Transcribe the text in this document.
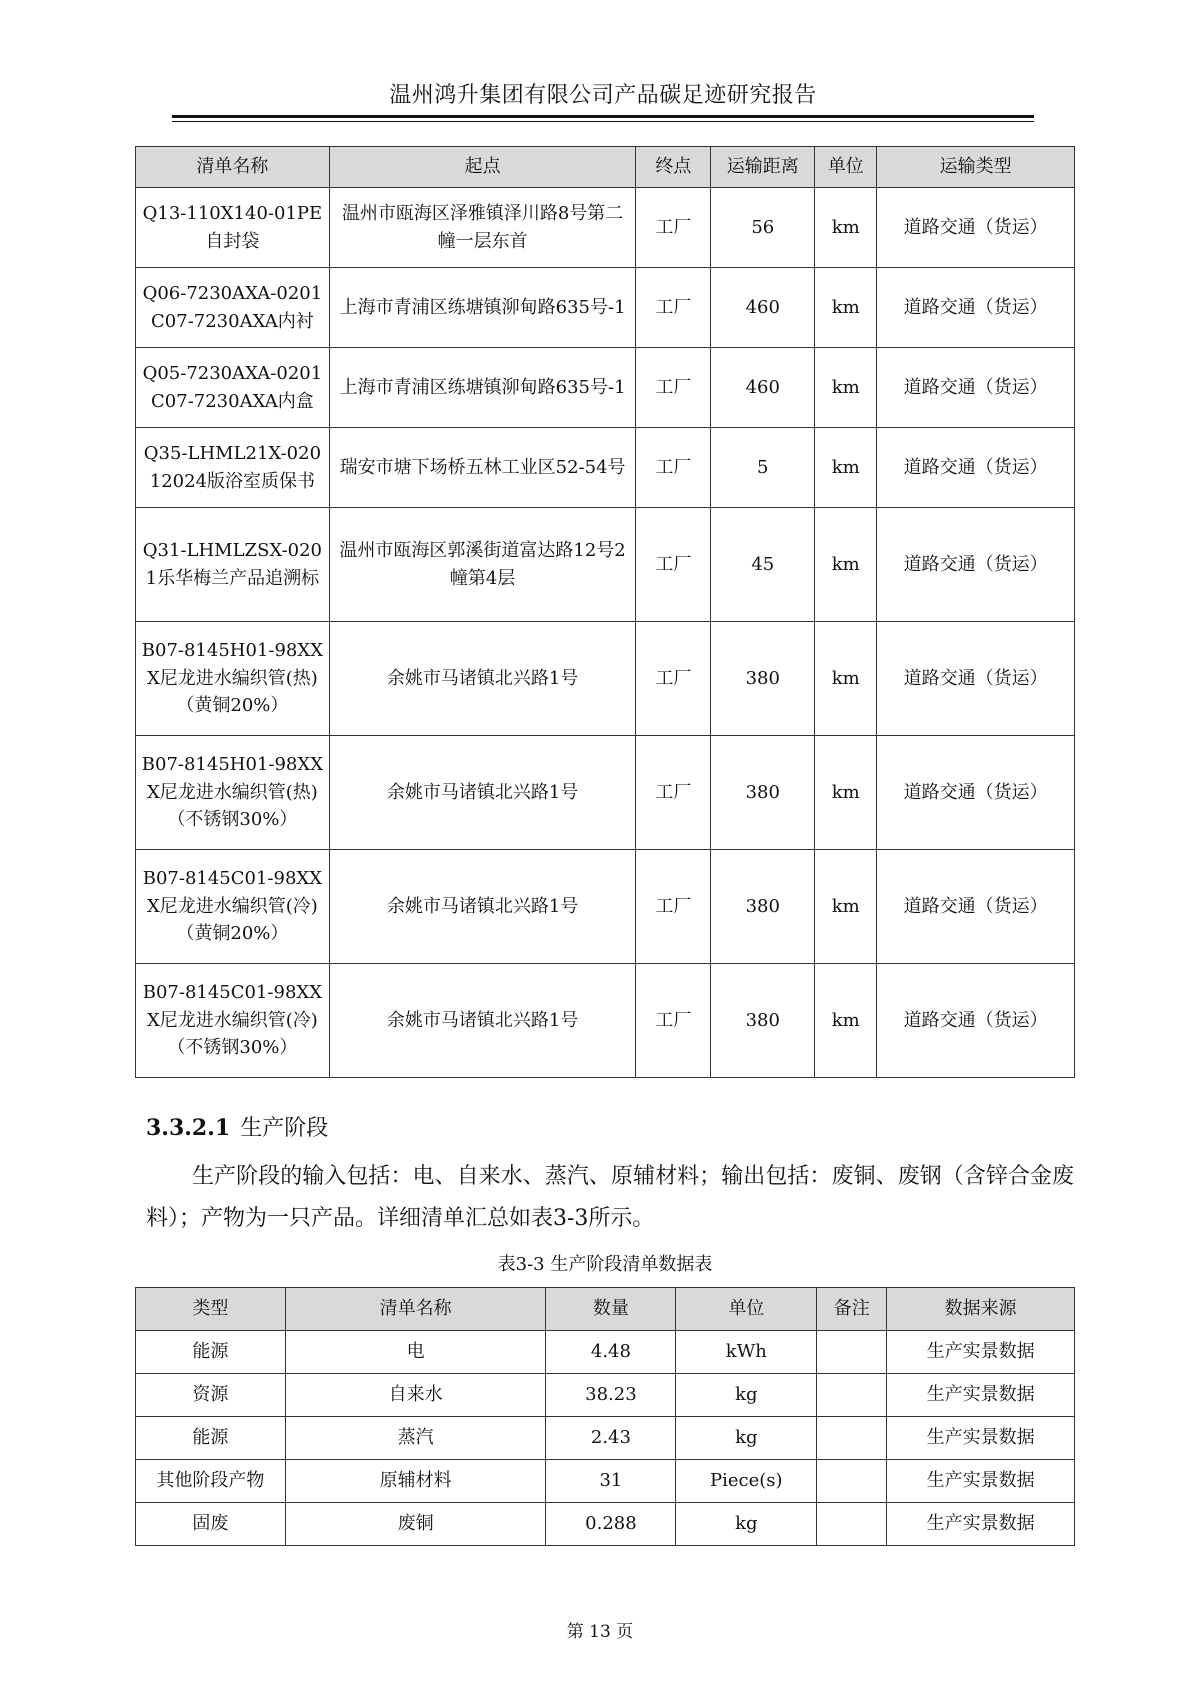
温州鸿升集团有限公司产品碳足迹研究报告
清单名称	起点	终点	运输距离	单位	运输类型
Q13-110X140-01PE自封袋	温州市瓯海区泽雅镇泽川路8号第二幢一层东首	工厂	56	km	道路交通（货运）
Q06-7230AXA-0201C07-7230AXA内衬	上海市青浦区练塘镇泖甸路635号-1	工厂	460	km	道路交通（货运）
Q05-7230AXA-0201C07-7230AXA内盒	上海市青浦区练塘镇泖甸路635号-1	工厂	460	km	道路交通（货运）
Q35-LHML21X-02012024版浴室质保书	瑞安市塘下场桥五林工业区52-54号	工厂	5	km	道路交通（货运）
Q31-LHMLZSX-0201乐华梅兰产品追溯标	温州市瓯海区郭溪街道富达路12号2幢第4层	工厂	45	km	道路交通（货运）
B07-8145H01-98XXX尼龙进水编织管(热)（黄铜20%）	余姚市马诸镇北兴路1号	工厂	380	km	道路交通（货运）
B07-8145H01-98XXX尼龙进水编织管(热)（不锈钢30%）	余姚市马诸镇北兴路1号	工厂	380	km	道路交通（货运）
B07-8145C01-98XXX尼龙进水编织管(冷)（黄铜20%）	余姚市马诸镇北兴路1号	工厂	380	km	道路交通（货运）
B07-8145C01-98XXX尼龙进水编织管(冷)（不锈钢30%）	余姚市马诸镇北兴路1号	工厂	380	km	道路交通（货运）
3.3.2.1 生产阶段
生产阶段的输入包括：电、自来水、蒸汽、原辅材料；输出包括：废铜、废钢（含锌合金废料）；产物为一只产品。详细清单汇总如表3-3所示。
表3-3 生产阶段清单数据表
类型	清单名称	数量	单位	备注	数据来源
能源	电	4.48	kWh		生产实景数据
资源	自来水	38.23	kg		生产实景数据
能源	蒸汽	2.43	kg		生产实景数据
其他阶段产物	原辅材料	31	Piece(s)		生产实景数据
固废	废铜	0.288	kg		生产实景数据
第 13 页
